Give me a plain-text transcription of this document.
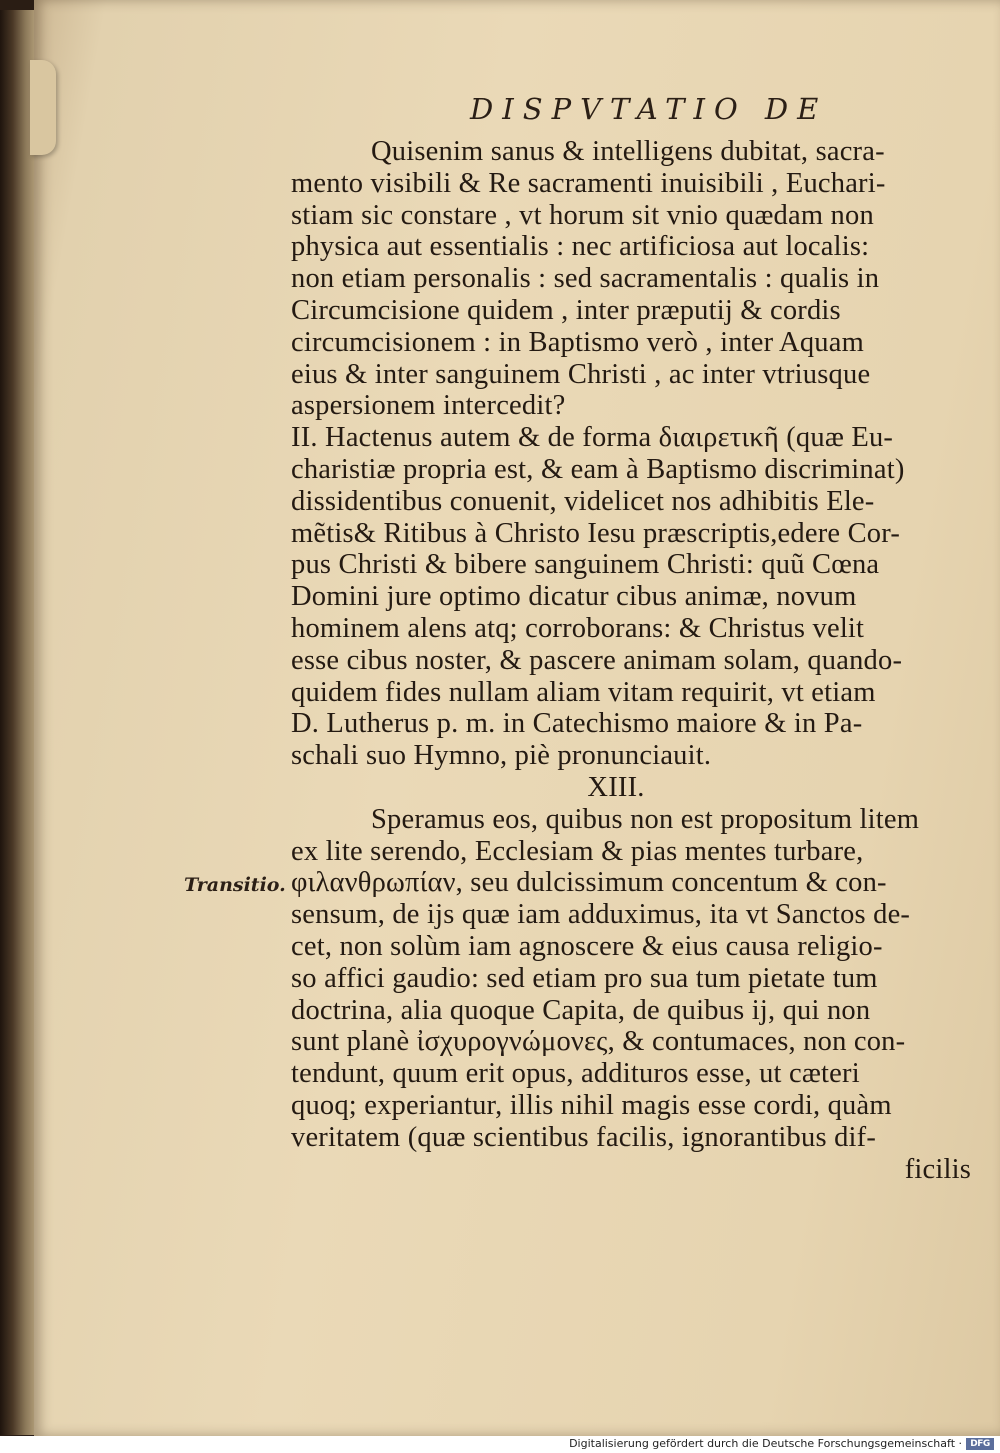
DISPVTATIO DE
Transitio.
Quisenim sanus & intelligens dubitat, sacra-
mento visibili & Re sacramenti inuisibili , Euchari-
stiam sic constare , vt horum sit vnio quædam non
physica aut essentialis : nec artificiosa aut localis:
non etiam personalis : sed sacramentalis : qualis in
Circumcisione quidem , inter præputij & cordis
circumcisionem : in Baptismo verò , inter Aquam
eius & inter sanguinem Christi , ac inter vtriusque
aspersionem intercedit?
II. Hactenus autem & de forma διαιρετικῆ (quæ Eu-
charistiæ propria est, & eam à Baptismo discriminat)
dissidentibus conuenit, videlicet nos adhibitis Ele-
mẽtis& Ritibus à Christo Iesu præscriptis,edere Cor-
pus Christi & bibere sanguinem Christi: quũ Cœna
Domini jure optimo dicatur cibus animæ, novum
hominem alens atq; corroborans: & Christus velit
esse cibus noster, & pascere animam solam, quando-
quidem fides nullam aliam vitam requirit, vt etiam
D. Lutherus p. m. in Catechismo maiore & in Pa-
schali suo Hymno, piè pronunciauit.
XIII.
Speramus eos, quibus non est propositum litem
ex lite serendo, Ecclesiam & pias mentes turbare,
φιλανθρωπίαν, seu dulcissimum concentum & con-
sensum, de ijs quæ iam adduximus, ita vt Sanctos de-
cet, non solùm iam agnoscere & eius causa religio-
so affici gaudio: sed etiam pro sua tum pietate tum
doctrina, alia quoque Capita, de quibus ij, qui non
sunt planè ἰσχυρογνώμονες, & contumaces, non con-
tendunt, quum erit opus, addituros esse, ut cæteri
quoq; experiantur, illis nihil magis esse cordi, quàm
veritatem (quæ scientibus facilis, ignorantibus dif-
ficilis
Digitalisierung gefördert durch die Deutsche Forschungsgemeinschaft · DFG
